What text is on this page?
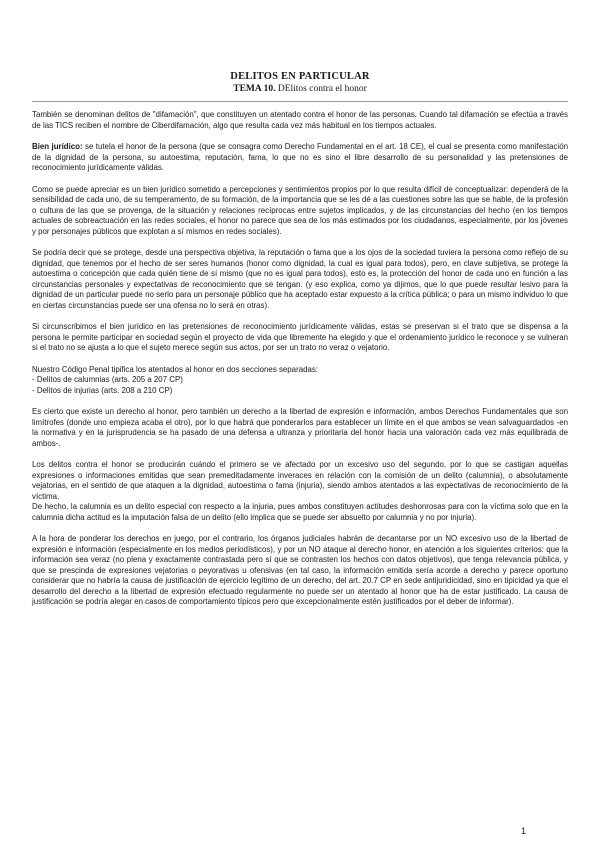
DELITOS EN PARTICULAR
TEMA 10. DElitos contra el honor

También se denominan delitos de "difamación", que constituyen un atentado contra el honor de las personas. Cuando tal difamación se efectúa a través de las TICS reciben el nombre de Ciberdifamación, algo que resulta cada vez más habitual en los tiempos actuales.

Bien jurídico: se tutela el honor de la persona (que se consagra como Derecho Fundamental en el art. 18 CE), el cual se presenta como manifestación de la dignidad de la persona, su autoestima, reputación, fama, lo que no es sino el libre desarrollo de su personalidad y las pretensiones de reconocimiento jurídicamente válidas.

Como se puede apreciar es un bien jurídico sometido a percepciones y sentimientos propios por lo que resulta difícil de conceptualizar: dependerá de la sensibilidad de cada uno, de su temperamento, de su formación, de la importancia que se les dé a las cuestiones sobre las que se hable, de la profesión o cultura de las que se provenga, de la situación y relaciones recíprocas entre sujetos implicados, y de las circunstancias del hecho (en los tiempos actuales de sobreactuación en las redes sociales, el honor no parece que sea de los más estimados por los ciudadanos, especialmente, por los jóvenes y por personajes públicos que explotan a sí mismos en redes sociales).

Se podría decir que se protege, desde una perspectiva objetiva, la reputación o fama que a los ojos de la sociedad tuviera la persona como reflejo de su dignidad, que tenemos por el hecho de ser seres humanos (honor como dignidad, la cual es igual para todos), pero, en clave subjetiva, se protege la autoestima o concepción que cada quién tiene de sí mismo (que no es igual para todos), esto es, la protección del honor de cada uno en función a las circunstancias personales y expectativas de reconocimiento que se tengan. (y eso explica, como ya dijimos, que lo que puede resultar lesivo para la dignidad de un particular puede no serlo para un personaje público que ha aceptado estar expuesto a la crítica pública; o para un mismo individuo lo que en ciertas circunstancias puede ser una ofensa no lo será en otras).

Si circunscribimos el bien jurídico en las pretensiones de reconocimiento jurídicamente válidas, estas se preservan si el trato que se dispensa a la persona le permite participar en sociedad según el proyecto de vida que libremente ha elegido y que el ordenamiento jurídico le reconoce y se vulneran si el trato no se ajusta a lo que el sujeto merece según sus actos, por ser un trato no veraz o vejatorio.

Nuestro Código Penal tipifica los atentados al honor en dos secciones separadas:
- Delitos de calumnias (arts. 205 a 207 CP)
- Delitos de injurias (arts. 208 a 210 CP)

Es cierto que existe un derecho al honor, pero también un derecho a la libertad de expresión e información, ambos Derechos Fundamentales que son limítrofes (donde uno empieza acaba el otro), por lo que habrá que ponderarlos para establecer un límite en el que ambos se vean salvaguardados -en la normativa y en la jurisprudencia se ha pasado de una defensa a ultranza y prioritaria del honor hacia una valoración cada vez más equilibrada de ambos-.

Los delitos contra el honor se producirán cuándo el primero se ve afectado por un excesivo uso del segundo, por lo que se castigan aquellas expresiones o informaciones emitidas que sean premeditadamente inveraces en relación con la comisión de un delito (calumnia), o absolutamente vejatorias, en el sentido de que ataquen a la dignidad, autoestima o fama (injuria), siendo ambos atentados a las expectativas de reconocimiento de la víctima.
De hecho, la calumnia es un delito especial con respecto a la injuria, pues ambos constituyen actitudes deshonrosas para con la víctima solo que en la calumnia dicha actitud es la imputación falsa de un delito (ello implica que se puede ser absuelto por calumnia y no por injuria).

A la hora de ponderar los derechos en juego, por el contrario, los órganos judiciales habrán de decantarse por un NO excesivo uso de la libertad de expresión e información (especialmente en los medios periodísticos), y por un NO ataque al derecho honor, en atención a los siguientes criterios: que la información sea veraz (no plena y exactamente contrastada pero sí que se contrasten los hechos con datos objetivos), que tenga relevancia pública, y que se prescinda de expresiones vejatorias o peyorativas u ofensivas (en tal caso, la información emitida sería acorde a derecho y parece oportuno considerar que no habría la causa de justificación de ejercicio legítimo de un derecho, del art. 20.7 CP en sede antijuridicidad, sino en tipicidad ya que el desarrollo del derecho a la libertad de expresión efectuado regularmente no puede ser un atentado al honor que ha de estar justificado. La causa de justificación se podría alegar en casos de comportamiento típicos pero que excepcionalmente estén justificados por el deber de informar).

1
